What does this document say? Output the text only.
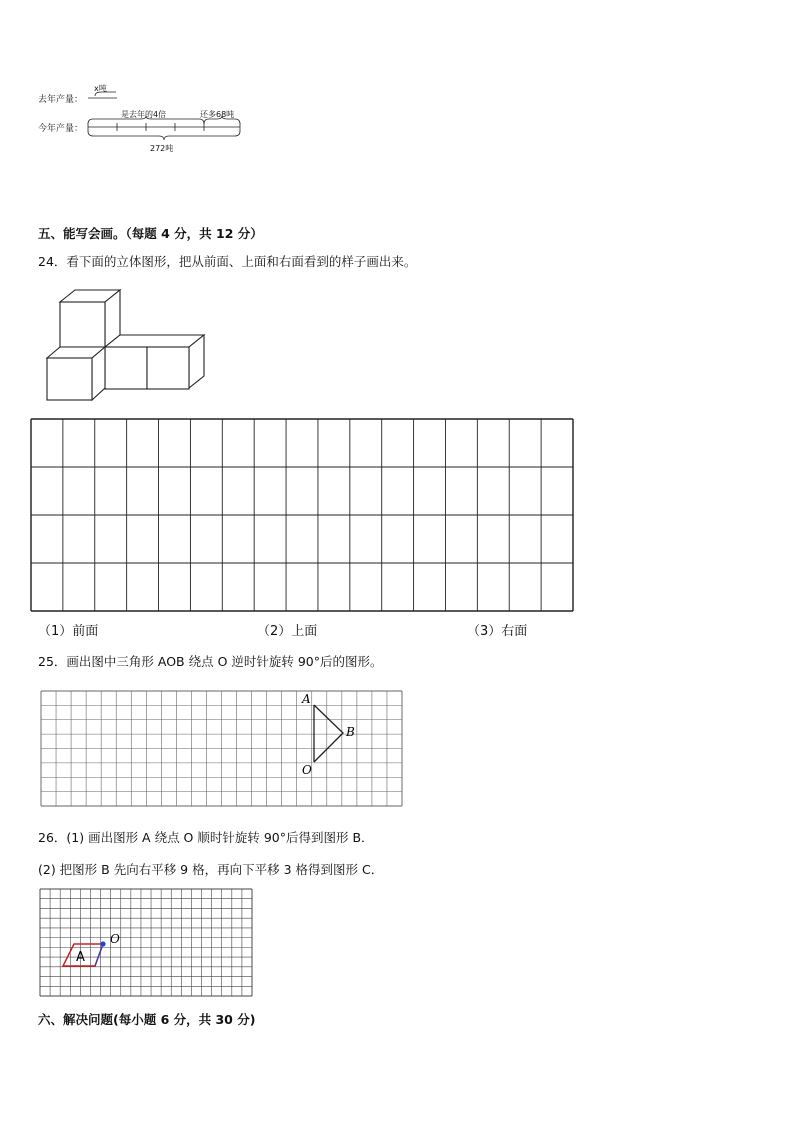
去年产量：
今年产量：
x吨
是去年的4倍	还多68吨
272吨
五、能写会画。（每题 4 分，共 12 分）
24．看下面的立体图形，把从前面、上面和右面看到的样子画出来。
（1）前面	（2）上面	（3）右面
25．画出图中三角形 AOB 绕点 O 逆时针旋转 90°后的图形。
A
B
O
26．(1) 画出图形 A 绕点 O 顺时针旋转 90°后得到图形 B．
(2) 把图形 B 先向右平移 9 格，再向下平移 3 格得到图形 C．
A
O
六、解决问题(每小题 6 分，共 30 分)
